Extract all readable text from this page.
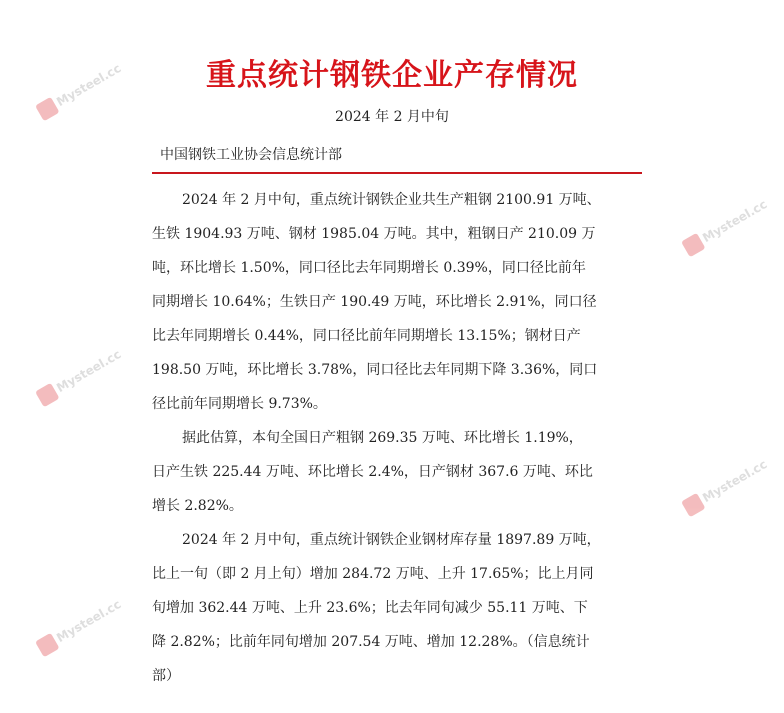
Mysteel.cc
Mysteel.cc
Mysteel.cc
Mysteel.cc
Mysteel.cc
重点统计钢铁企业产存情况
2024 年 2 月中旬
中国钢铁工业协会信息统计部
2024 年 2 月中旬，重点统计钢铁企业共生产粗钢 2100.91 万吨、
生铁 1904.93 万吨、钢材 1985.04 万吨。其中，粗钢日产 210.09 万
吨，环比增长 1.50%，同口径比去年同期增长 0.39%，同口径比前年
同期增长 10.64%；生铁日产 190.49 万吨，环比增长 2.91%，同口径
比去年同期增长 0.44%，同口径比前年同期增长 13.15%；钢材日产
198.50 万吨，环比增长 3.78%，同口径比去年同期下降 3.36%，同口
径比前年同期增长 9.73%。
据此估算，本旬全国日产粗钢 269.35 万吨、环比增长 1.19%，
日产生铁 225.44 万吨、环比增长 2.4%，日产钢材 367.6 万吨、环比
增长 2.82%。
2024 年 2 月中旬，重点统计钢铁企业钢材库存量 1897.89 万吨，
比上一旬（即 2 月上旬）增加 284.72 万吨、上升 17.65%；比上月同
旬增加 362.44 万吨、上升 23.6%；比去年同旬减少 55.11 万吨、下
降 2.82%；比前年同旬增加 207.54 万吨、增加 12.28%。（信息统计
部）
